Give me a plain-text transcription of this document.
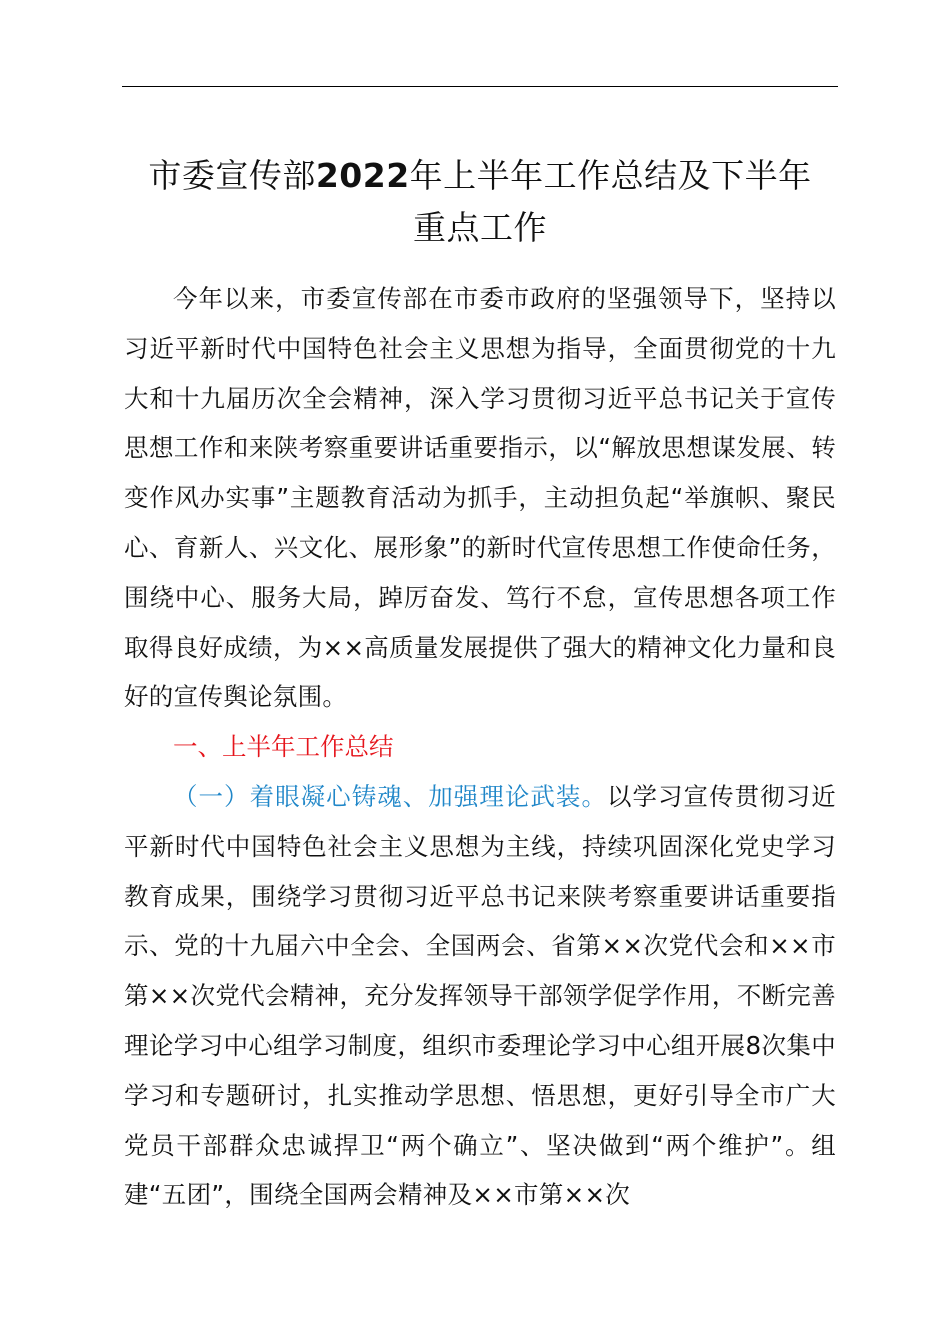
市委宣传部2022年上半年工作总结及下半年
重点工作

今年以来，市委宣传部在市委市政府的坚强领导下，坚持以习近平新时代中国特色社会主义思想为指导，全面贯彻党的十九大和十九届历次全会精神，深入学习贯彻习近平总书记关于宣传思想工作和来陕考察重要讲话重要指示，以“解放思想谋发展、转变作风办实事”主题教育活动为抓手，主动担负起“举旗帜、聚民心、育新人、兴文化、展形象”的新时代宣传思想工作使命任务，围绕中心、服务大局，踔厉奋发、笃行不怠，宣传思想各项工作取得良好成绩，为××高质量发展提供了强大的精神文化力量和良好的宣传舆论氛围。

一、上半年工作总结

（一）着眼凝心铸魂、加强理论武装。以学习宣传贯彻习近平新时代中国特色社会主义思想为主线，持续巩固深化党史学习教育成果，围绕学习贯彻习近平总书记来陕考察重要讲话重要指示、党的十九届六中全会、全国两会、省第××次党代会和××市第××次党代会精神，充分发挥领导干部领学促学作用，不断完善理论学习中心组学习制度，组织市委理论学习中心组开展8次集中学习和专题研讨，扎实推动学思想、悟思想，更好引导全市广大党员干部群众忠诚捍卫“两个确立”、坚决做到“两个维护”。组建“五团”，围绕全国两会精神及××市第××次
